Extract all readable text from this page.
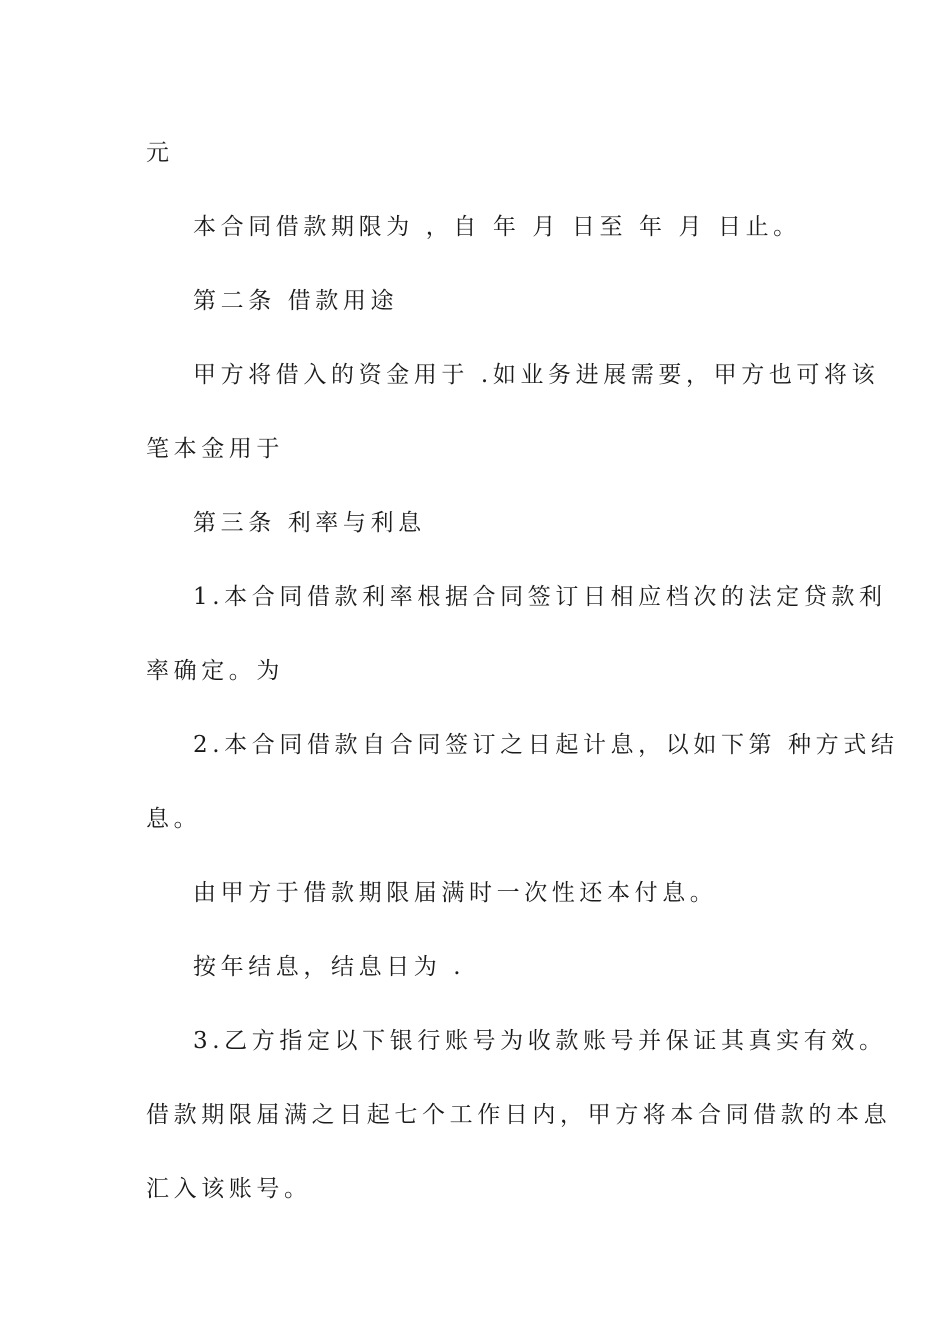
元
本合同借款期限为 ，自 年 月 日至 年 月 日止。
第二条 借款用途
甲方将借入的资金用于 .如业务进展需要，甲方也可将该
笔本金用于
第三条 利率与利息
1.本合同借款利率根据合同签订日相应档次的法定贷款利
率确定。为
2.本合同借款自合同签订之日起计息，以如下第 种方式结
息。
由甲方于借款期限届满时一次性还本付息。
按年结息，结息日为 .
3.乙方指定以下银行账号为收款账号并保证其真实有效。
借款期限届满之日起七个工作日内，甲方将本合同借款的本息
汇入该账号。
